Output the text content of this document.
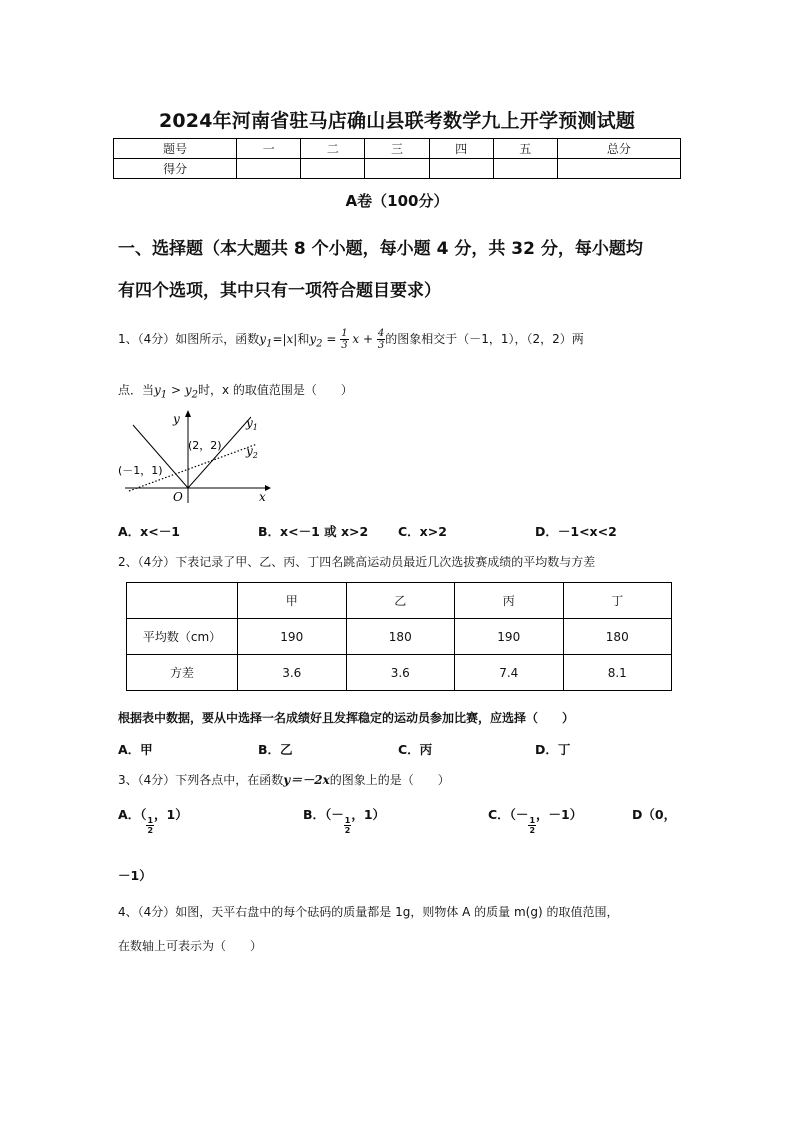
2024年河南省驻马店确山县联考数学九上开学预测试题
题号	一	二	三	四	五	总分
得分						
A卷（100分）
一、选择题（本大题共 8 个小题，每小题 4 分，共 32 分，每小题均
有四个选项，其中只有一项符合题目要求）
1、（4分）如图所示，函数$y_1=|x|$和$y_2 = \frac{1}{3}$ $x + \frac{4}{3}$ 的图象相交于（－1，1），（2，2）两
点．当$y_1 > y_2$时，x 的取值范围是（　　）
y
x
O
$y_1$
$y_2$
(2，2)
(－1，1)
A．x<－1	B．x<－1 或 x>2 C．x>2	D．－1<x<2
2、（4分）下表记录了甲、乙、丙、丁四名跳高运动员最近几次选拔赛成绩的平均数与方差
	甲	乙	丙	丁
平均数（cm）	190	180	190	180
方差	3.6	3.6	7.4	8.1
根据表中数据，要从中选择一名成绩好且发挥稳定的运动员参加比赛，应选择（　　）
A．甲	B．乙	C．丙	D．丁
3、（4分）下列各点中，在函数y＝－2x的图象上的是（　　）
A．（
$\frac{1}{2}$
，1）	B．（－
$\frac{1}{2}$
，1）	C．（－
$\frac{1}{2}$
，－1）	D（0，
－1）
4、（4分）如图，天平右盘中的每个砝码的质量都是 1g，则物体 A 的质量 m(g) 的取值范围，
在数轴上可表示为（　　）
